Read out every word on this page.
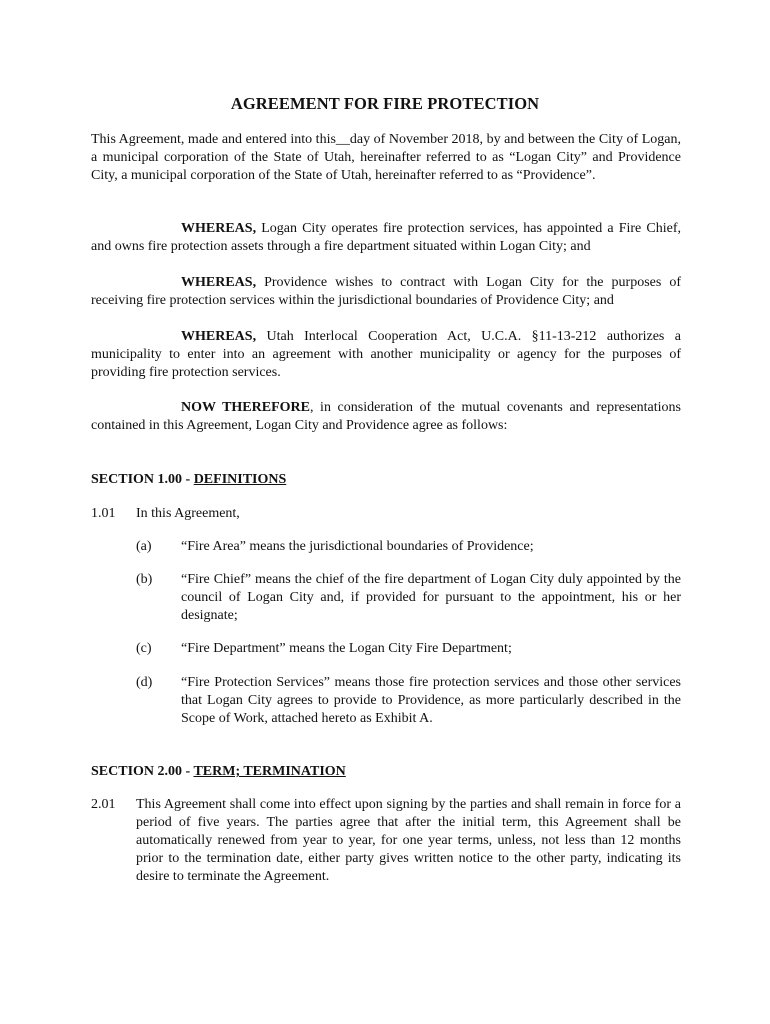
AGREEMENT FOR FIRE PROTECTION
This Agreement, made and entered into this__day of November 2018, by and between the City of Logan, a municipal corporation of the State of Utah, hereinafter referred to as “Logan City” and Providence City, a municipal corporation of the State of Utah, hereinafter referred to as “Providence”.
WHEREAS, Logan City operates fire protection services, has appointed a Fire Chief, and owns fire protection assets through a fire department situated within Logan City; and
WHEREAS, Providence wishes to contract with Logan City for the purposes of receiving fire protection services within the jurisdictional boundaries of Providence City; and
WHEREAS, Utah Interlocal Cooperation Act, U.C.A. §11-13-212 authorizes a municipality to enter into an agreement with another municipality or agency for the purposes of providing fire protection services.
NOW THEREFORE, in consideration of the mutual covenants and representations contained in this Agreement, Logan City and Providence agree as follows:
SECTION 1.00 - DEFINITIONS
1.01 In this Agreement,
(a) “Fire Area” means the jurisdictional boundaries of Providence;
(b) “Fire Chief” means the chief of the fire department of Logan City duly appointed by the council of Logan City and, if provided for pursuant to the appointment, his or her designate;
(c) “Fire Department” means the Logan City Fire Department;
(d) “Fire Protection Services” means those fire protection services and those other services that Logan City agrees to provide to Providence, as more particularly described in the Scope of Work, attached hereto as Exhibit A.
SECTION 2.00 - TERM; TERMINATION
2.01 This Agreement shall come into effect upon signing by the parties and shall remain in force for a period of five years. The parties agree that after the initial term, this Agreement shall be automatically renewed from year to year, for one year terms, unless, not less than 12 months prior to the termination date, either party gives written notice to the other party, indicating its desire to terminate the Agreement.
